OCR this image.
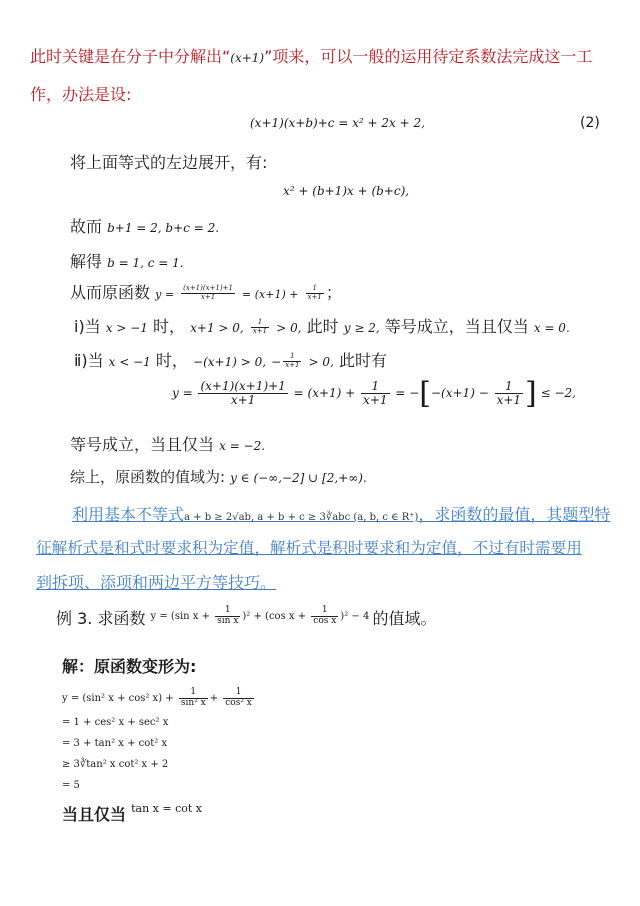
此时关键是在分子中分解出“(x+1)”项来，可以一般的运用待定系数法完成这一工
作，办法是设:
(x+1)(x+b)+c = x² + 2x + 2,	(2)
将上面等式的左边展开，有:
x² + (b+1)x + (b+c),
故而 b+1 = 2, b+c = 2.
解得 b = 1, c = 1.
从而原函数 $y = \frac{(x+1)(x+1)+1}{x+1} = (x+1) + \frac{1}{x+1}$ ；
ⅰ)当 x > −1 时， x+1 > 0, $\frac{1}{x+1} > 0$, 此时 y ≥ 2, 等号成立，当且仅当 x = 0.
ⅱ)当 x < −1 时， −(x+1) > 0, − $\frac{1}{x+1} > 0$, 此时有
$y = \frac{(x+1)(x+1)+1}{x+1} = (x+1) + \frac{1}{x+1} = -[-(x+1) - \frac{1}{x+1}$ ] ≤ −2,
等号成立，当且仅当 x = −2.
综上，原函数的值域为: y ∈ (−∞,−2] ∪ [2,+∞).
利用基本不等式a + b ≥ 2√ab, a + b + c ≥ 3∛abc (a, b, c ∈ R⁺)，求函数的最值，其题型特
征解析式是和式时要求积为定值，解析式是积时要求和为定值，不过有时需要用
到拆项、添项和两边平方等技巧。
例 3. 求函数 $^{y = (sin x + \frac{1}{\text{sin x}} )^2 + (cos x + \frac{1}{\text{cos x}} )^2 - 4}$ 的值域。
解：原函数变形为:
y = (sin² x + cos² $x) + \frac{1}{\text{sin² x}} + \frac{1}{\text{cos² x}}$
= 1 + ces² x + sec² x
= 3 + tan² x + cot² x
≥ 3∛tan² x cot² x + 2
= 5
当且仅当 $^{tan x = cot x}$
